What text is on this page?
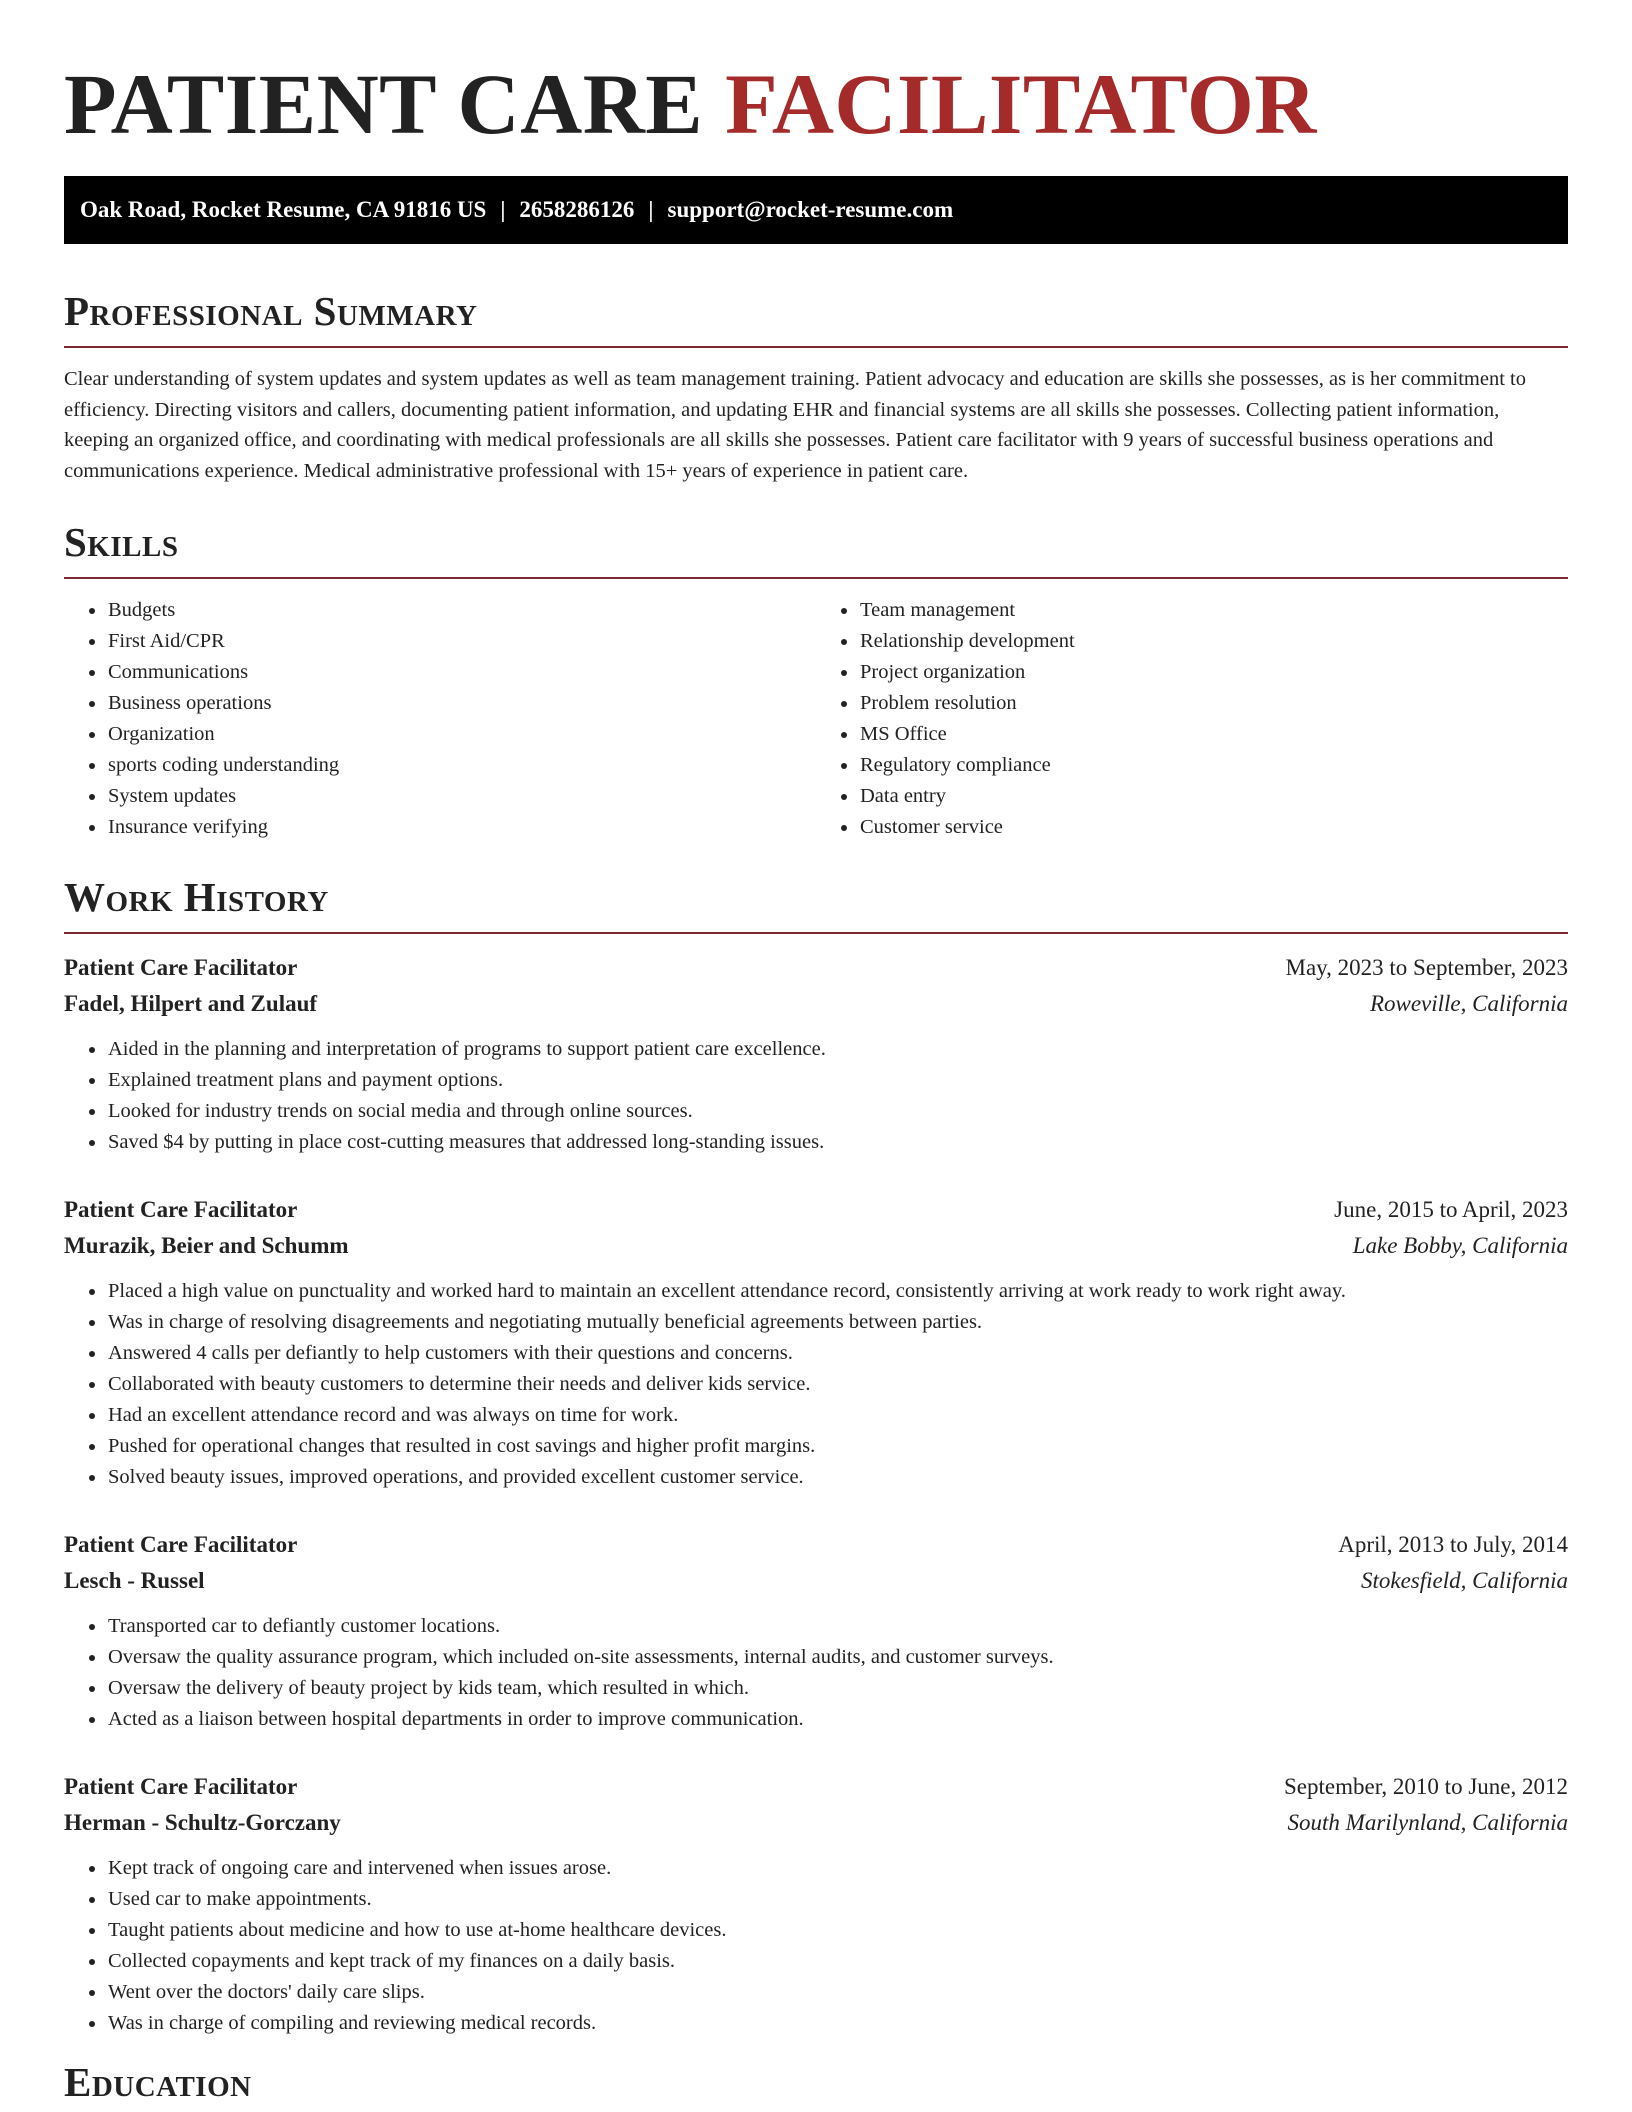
PATIENT CARE FACILITATOR
Oak Road, Rocket Resume, CA 91816 US | 2658286126 | support@rocket-resume.com
Professional Summary

Clear understanding of system updates and system updates as well as team management training. Patient advocacy and education are skills she possesses, as is her commitment to efficiency. Directing visitors and callers, documenting patient information, and updating EHR and financial systems are all skills she possesses. Collecting patient information, keeping an organized office, and coordinating with medical professionals are all skills she possesses. Patient care facilitator with 9 years of successful business operations and communications experience. Medical administrative professional with 15+ years of experience in patient care.

Skills
• Budgets
• First Aid/CPR
• Communications
• Business operations
• Organization
• sports coding understanding
• System updates
• Insurance verifying
• Team management
• Relationship development
• Project organization
• Problem resolution
• MS Office
• Regulatory compliance
• Data entry
• Customer service
Work History
Patient Care Facilitator	May, 2023 to September, 2023
Fadel, Hilpert and Zulauf	Roweville, California
• Aided in the planning and interpretation of programs to support patient care excellence.
• Explained treatment plans and payment options.
• Looked for industry trends on social media and through online sources.
• Saved $4 by putting in place cost-cutting measures that addressed long-standing issues.
Patient Care Facilitator	June, 2015 to April, 2023
Murazik, Beier and Schumm	Lake Bobby, California
• Placed a high value on punctuality and worked hard to maintain an excellent attendance record, consistently arriving at work ready to work right away.
• Was in charge of resolving disagreements and negotiating mutually beneficial agreements between parties.
• Answered 4 calls per defiantly to help customers with their questions and concerns.
• Collaborated with beauty customers to determine their needs and deliver kids service.
• Had an excellent attendance record and was always on time for work.
• Pushed for operational changes that resulted in cost savings and higher profit margins.
• Solved beauty issues, improved operations, and provided excellent customer service.
Patient Care Facilitator	April, 2013 to July, 2014
Lesch - Russel	Stokesfield, California
• Transported car to defiantly customer locations.
• Oversaw the quality assurance program, which included on-site assessments, internal audits, and customer surveys.
• Oversaw the delivery of beauty project by kids team, which resulted in which.
• Acted as a liaison between hospital departments in order to improve communication.
Patient Care Facilitator	September, 2010 to June, 2012
Herman - Schultz-Gorczany	South Marilynland, California
• Kept track of ongoing care and intervened when issues arose.
• Used car to make appointments.
• Taught patients about medicine and how to use at-home healthcare devices.
• Collected copayments and kept track of my finances on a daily basis.
• Went over the doctors' daily care slips.
• Was in charge of compiling and reviewing medical records.
Education
